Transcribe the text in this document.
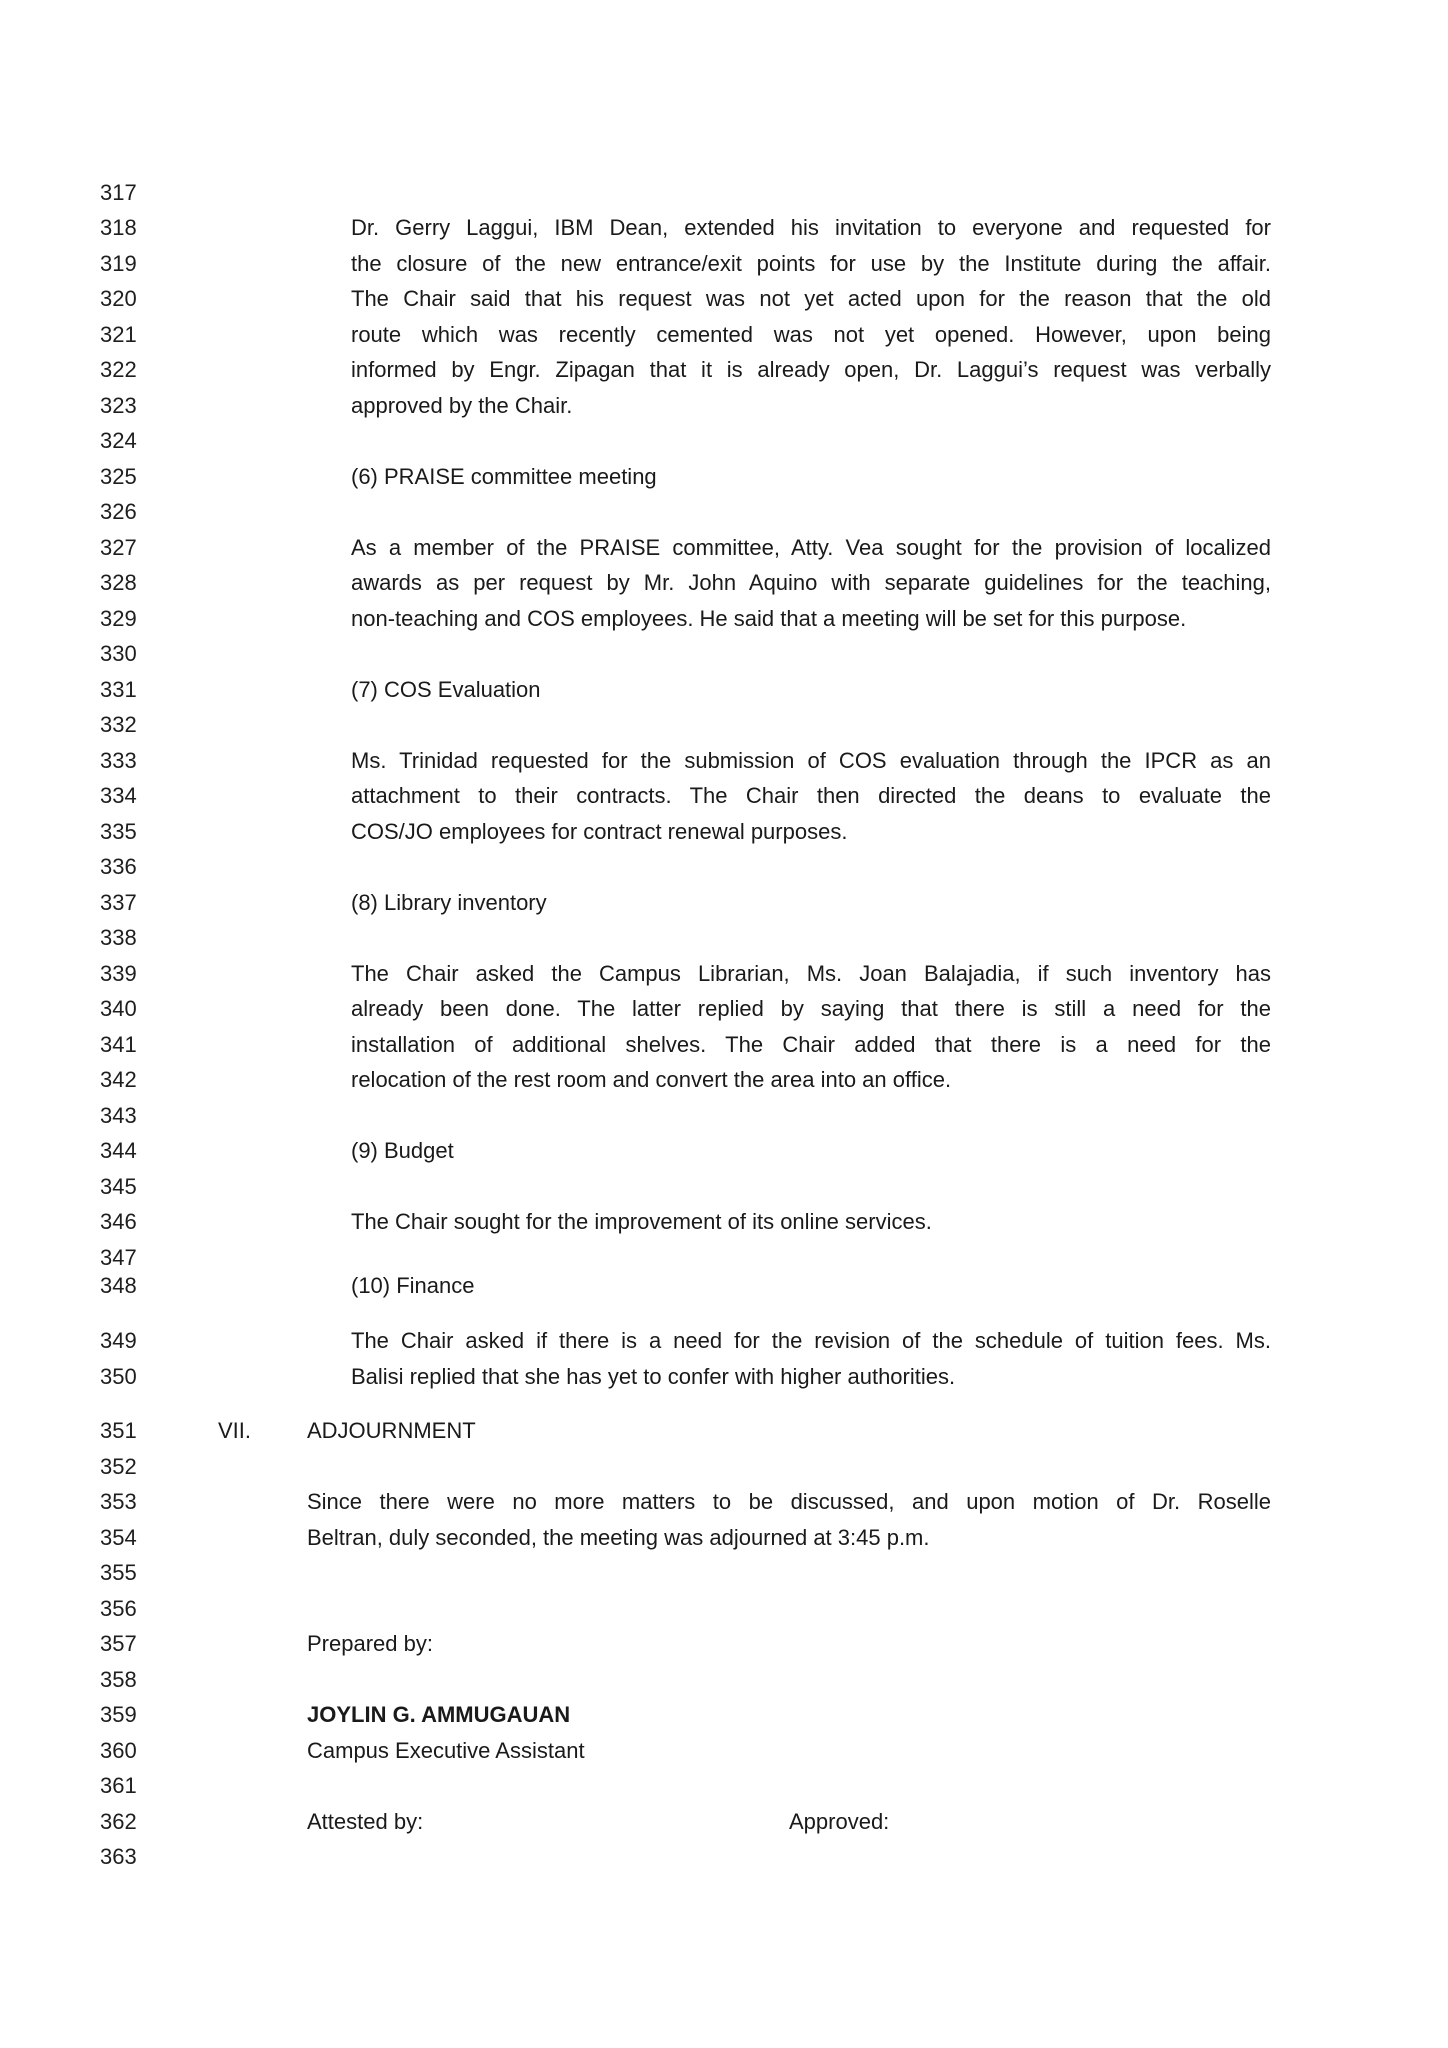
317
318
319
320
321
322
323
324
325
326
327
328
329
330
331
332
333
334
335
336
337
338
339
340
341
342
343
344
345
346
347
348
349
350
351
352
353
354
355
356
357
358
359
360
361
362
363
Dr. Gerry Laggui, IBM Dean, extended his invitation to everyone and requested for
the closure of the new entrance/exit points for use by the Institute during the affair.
The Chair said that his request was not yet acted upon for the reason that the old
route which was recently cemented was not yet opened. However, upon being
informed by Engr. Zipagan that it is already open, Dr. Laggui’s request was verbally
approved by the Chair.
(6) PRAISE committee meeting
As a member of the PRAISE committee, Atty. Vea sought for the provision of localized
awards as per request by Mr. John Aquino with separate guidelines for the teaching,
non-teaching and COS employees. He said that a meeting will be set for this purpose.
(7) COS Evaluation
Ms. Trinidad requested for the submission of COS evaluation through the IPCR as an
attachment to their contracts. The Chair then directed the deans to evaluate the
COS/JO employees for contract renewal purposes.
(8) Library inventory
The Chair asked the Campus Librarian, Ms. Joan Balajadia, if such inventory has
already been done. The latter replied by saying that there is still a need for the
installation of additional shelves. The Chair added that there is a need for the
relocation of the rest room and convert the area into an office.
(9) Budget
The Chair sought for the improvement of its online services.
(10) Finance
The Chair asked if there is a need for the revision of the schedule of tuition fees. Ms.
Balisi replied that she has yet to confer with higher authorities.
VII.	ADJOURNMENT
Since there were no more matters to be discussed, and upon motion of Dr. Roselle
Beltran, duly seconded, the meeting was adjourned at 3:45 p.m.
Prepared by:
JOYLIN G. AMMUGAUAN
Campus Executive Assistant
Attested by:	Approved:
